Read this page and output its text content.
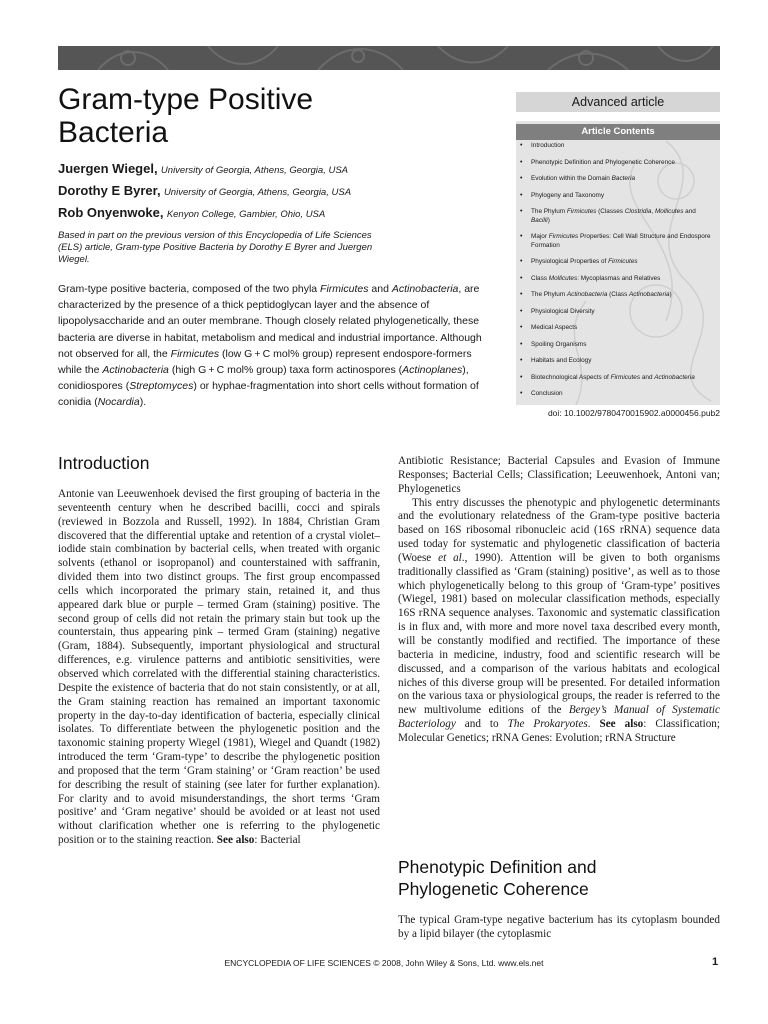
Gram-type Positive
Bacteria
Juergen Wiegel, University of Georgia, Athens, Georgia, USA
Dorothy E Byrer, University of Georgia, Athens, Georgia, USA
Rob Onyenwoke, Kenyon College, Gambier, Ohio, USA

Based in part on the previous version of this Encyclopedia of Life Sciences (ELS) article, Gram-type Positive Bacteria by Dorothy E Byrer and Juergen Wiegel.

Gram-type positive bacteria, composed of the two phyla Firmicutes and Actinobacteria, are characterized by the presence of a thick peptidoglycan layer and the absence of lipopolysaccharide and an outer membrane. Though closely related phylogenetically, these bacteria are diverse in habitat, metabolism and medical and industrial importance. Although not observed for all, the Firmicutes (low G + C mol% group) represent endospore-formers while the Actinobacteria (high G + C mol% group) taxa form actinospores (Actinoplanes), conidiospores (Streptomyces) or hyphae-fragmentation into short cells without formation of conidia (Nocardia).

Advanced article
Article Contents
• Introduction
• Phenotypic Definition and Phylogenetic Coherence
• Evolution within the Domain Bacteria
• Phylogeny and Taxonomy
• The Phylum Firmicutes (Classes Clostridia, Mollicutes and Bacilli)
• Major Firmicutes Properties: Cell Wall Structure and Endospore Formation
• Physiological Properties of Firmicutes
• Class Mollicutes: Mycoplasmas and Relatives
• The Phylum Actinobacteria (Class Actinobacteria)
• Physiological Diversity
• Medical Aspects
• Spoiling Organisms
• Habitats and Ecology
• Biotechnological Aspects of Firmicutes and Actinobacteria
• Conclusion
doi: 10.1002/9780470015902.a0000456.pub2
Introduction

Antonie van Leeuwenhoek devised the first grouping of bacteria in the seventeenth century when he described bacilli, cocci and spirals (reviewed in Bozzola and Russell, 1992). In 1884, Christian Gram discovered that the differential uptake and retention of a crystal violet–iodide stain combination by bacterial cells, when treated with organic solvents (ethanol or isopropanol) and counterstained with saffranin, divided them into two distinct groups. The first group encompassed cells which incorporated the primary stain, retained it, and thus appeared dark blue or purple – termed Gram (staining) positive. The second group of cells did not retain the primary stain but took up the counterstain, thus appearing pink – termed Gram (staining) negative (Gram, 1884). Subsequently, important physiological and structural differences, e.g. virulence patterns and antibiotic sensitivities, were observed which correlated with the differential staining characteristics. Despite the existence of bacteria that do not stain consistently, or at all, the Gram staining reaction has remained an important taxonomic property in the day-to-day identification of bacteria, especially clinical isolates. To differentiate between the phylogenetic position and the taxonomic staining property Wiegel (1981), Wiegel and Quandt (1982) introduced the term ‘Gram-type’ to describe the phylogenetic position and proposed that the term ‘Gram staining’ or ‘Gram reaction’ be used for describing the result of staining (see later for further explanation). For clarity and to avoid misunderstandings, the short terms ‘Gram positive’ and ‘Gram negative’ should be avoided or at least not used without clarification whether one is referring to the phylogenetic position or to the staining reaction. See also: Bacterial

Antibiotic Resistance; Bacterial Capsules and Evasion of Immune Responses; Bacterial Cells; Classification; Leeuwenhoek, Antoni van; Phylogenetics

This entry discusses the phenotypic and phylogenetic determinants and the evolutionary relatedness of the Gram-type positive bacteria based on 16S ribosomal ribonucleic acid (16S rRNA) sequence data used today for systematic and phylogenetic classification of bacteria (Woese et al., 1990). Attention will be given to both organisms traditionally classified as ‘Gram (staining) positive’, as well as to those which phylogenetically belong to this group of ‘Gram-type’ positives (Wiegel, 1981) based on molecular classification methods, especially 16S rRNA sequence analyses. Taxonomic and systematic classification is in flux and, with more and more novel taxa described every month, will be constantly modified and rectified. The importance of these bacteria in medicine, industry, food and scientific research will be discussed, and a comparison of the various habitats and ecological niches of this diverse group will be presented. For detailed information on the various taxa or physiological groups, the reader is referred to the new multivolume editions of the Bergey’s Manual of Systematic Bacteriology and to The Prokaryotes. See also: Classification; Molecular Genetics; rRNA Genes: Evolution; rRNA Structure

Phenotypic Definition and
Phylogenetic Coherence

The typical Gram-type negative bacterium has its cytoplasm bounded by a lipid bilayer (the cytoplasmic

ENCYCLOPEDIA OF LIFE SCIENCES © 2008, John Wiley & Sons, Ltd. www.els.net	1
